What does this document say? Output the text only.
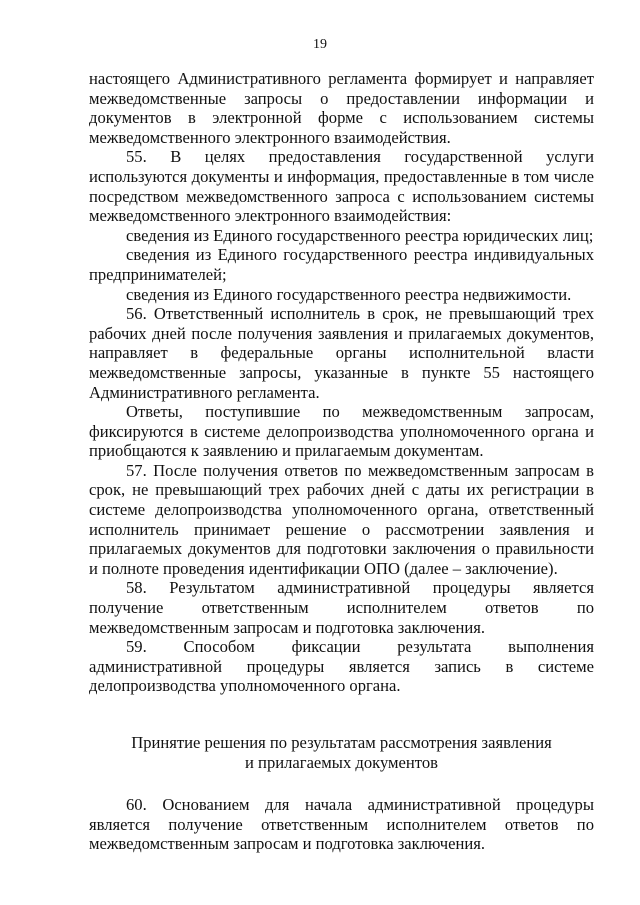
19

настоящего Административного регламента формирует и направляет межведомственные запросы о предоставлении информации и документов в электронной форме с использованием системы межведомственного электронного взаимодействия.

55. В целях предоставления государственной услуги используются документы и информация, предоставленные в том числе посредством межведомственного запроса с использованием системы межведомственного электронного взаимодействия:

сведения из Единого государственного реестра юридических лиц;

сведения из Единого государственного реестра индивидуальных предпринимателей;

сведения из Единого государственного реестра недвижимости.

56. Ответственный исполнитель в срок, не превышающий трех рабочих дней после получения заявления и прилагаемых документов, направляет в федеральные органы исполнительной власти межведомственные запросы, указанные в пункте 55 настоящего Административного регламента.

Ответы, поступившие по межведомственным запросам, фиксируются в системе делопроизводства уполномоченного органа и приобщаются к заявлению и прилагаемым документам.

57. После получения ответов по межведомственным запросам в срок, не превышающий трех рабочих дней с даты их регистрации в системе делопроизводства уполномоченного органа, ответственный исполнитель принимает решение о рассмотрении заявления и прилагаемых документов для подготовки заключения о правильности и полноте проведения идентификации ОПО (далее – заключение).

58. Результатом административной процедуры является получение ответственным исполнителем ответов по межведомственным запросам и подготовка заключения.

59. Способом фиксации результата выполнения административной процедуры является запись в системе делопроизводства уполномоченного органа.

Принятие решения по результатам рассмотрения заявления
и прилагаемых документов

60. Основанием для начала административной процедуры является получение ответственным исполнителем ответов по межведомственным запросам и подготовка заключения.
